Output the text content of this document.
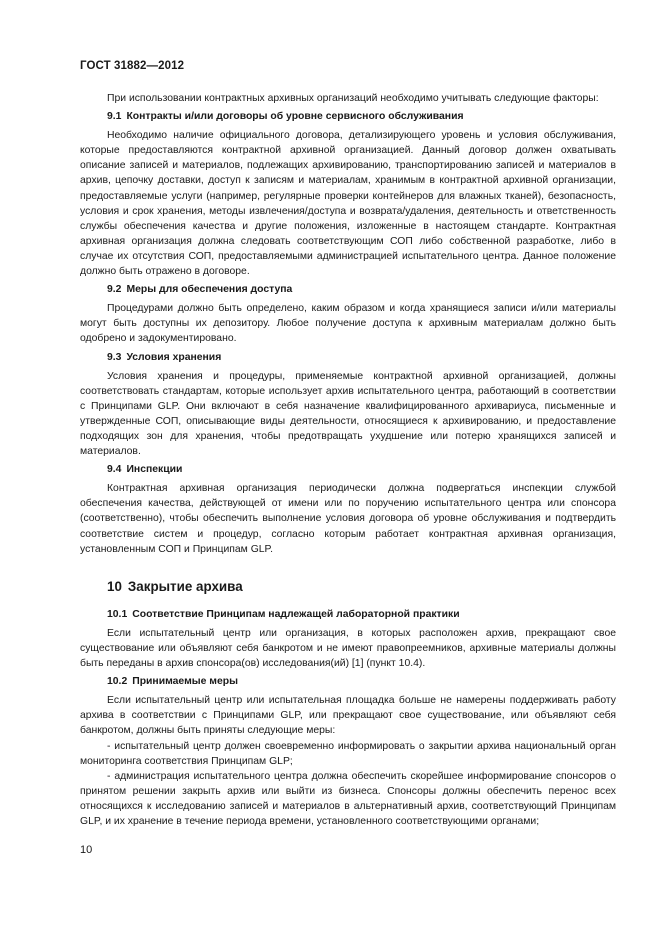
ГОСТ 31882—2012

При использовании контрактных архивных организаций необходимо учитывать следующие факторы:

9.1 Контракты и/или договоры об уровне сервисного обслуживания

Необходимо наличие официального договора, детализирующего уровень и условия обслуживания, которые предоставляются контрактной архивной организацией. Данный договор должен охватывать описание записей и материалов, подлежащих архивированию, транспортированию записей и материалов в архив, цепочку доставки, доступ к записям и материалам, хранимым в контрактной архивной организации, предоставляемые услуги (например, регулярные проверки контейнеров для влажных тканей), безопасность, условия и срок хранения, методы извлечения/доступа и возврата/удаления, деятельность и ответственность службы обеспечения качества и другие положения, изложенные в настоящем стандарте. Контрактная архивная организация должна следовать соответствующим СОП либо собственной разработке, либо в случае их отсутствия СОП, предоставляемыми администрацией испытательного центра. Данное положение должно быть отражено в договоре.

9.2 Меры для обеспечения доступа

Процедурами должно быть определено, каким образом и когда хранящиеся записи и/или материалы могут быть доступны их депозитору. Любое получение доступа к архивным материалам должно быть одобрено и задокументировано.

9.3 Условия хранения

Условия хранения и процедуры, применяемые контрактной архивной организацией, должны соответствовать стандартам, которые использует архив испытательного центра, работающий в соответствии с Принципами GLP. Они включают в себя назначение квалифицированного архивариуса, письменные и утвержденные СОП, описывающие виды деятельности, относящиеся к архивированию, и предоставление подходящих зон для хранения, чтобы предотвращать ухудшение или потерю хранящихся записей и материалов.

9.4 Инспекции

Контрактная архивная организация периодически должна подвергаться инспекции службой обеспечения качества, действующей от имени или по поручению испытательного центра или спонсора (соответственно), чтобы обеспечить выполнение условия договора об уровне обслуживания и подтвердить соответствие систем и процедур, согласно которым работает контрактная архивная организация, установленным СОП и Принципам GLP.

10 Закрытие архива

10.1 Соответствие Принципам надлежащей лабораторной практики

Если испытательный центр или организация, в которых расположен архив, прекращают свое существование или объявляют себя банкротом и не имеют правопреемников, архивные материалы должны быть переданы в архив спонсора(ов) исследования(ий) [1] (пункт 10.4).

10.2 Принимаемые меры

Если испытательный центр или испытательная площадка больше не намерены поддерживать работу архива в соответствии с Принципами GLP, или прекращают свое существование, или объявляют себя банкротом, должны быть приняты следующие меры:

- испытательный центр должен своевременно информировать о закрытии архива национальный орган мониторинга соответствия Принципам GLP;

- администрация испытательного центра должна обеспечить скорейшее информирование спонсоров о принятом решении закрыть архив или выйти из бизнеса. Спонсоры должны обеспечить перенос всех относящихся к исследованию записей и материалов в альтернативный архив, соответствующий Принципам GLP, и их хранение в течение периода времени, установленного соответствующими органами;

10
